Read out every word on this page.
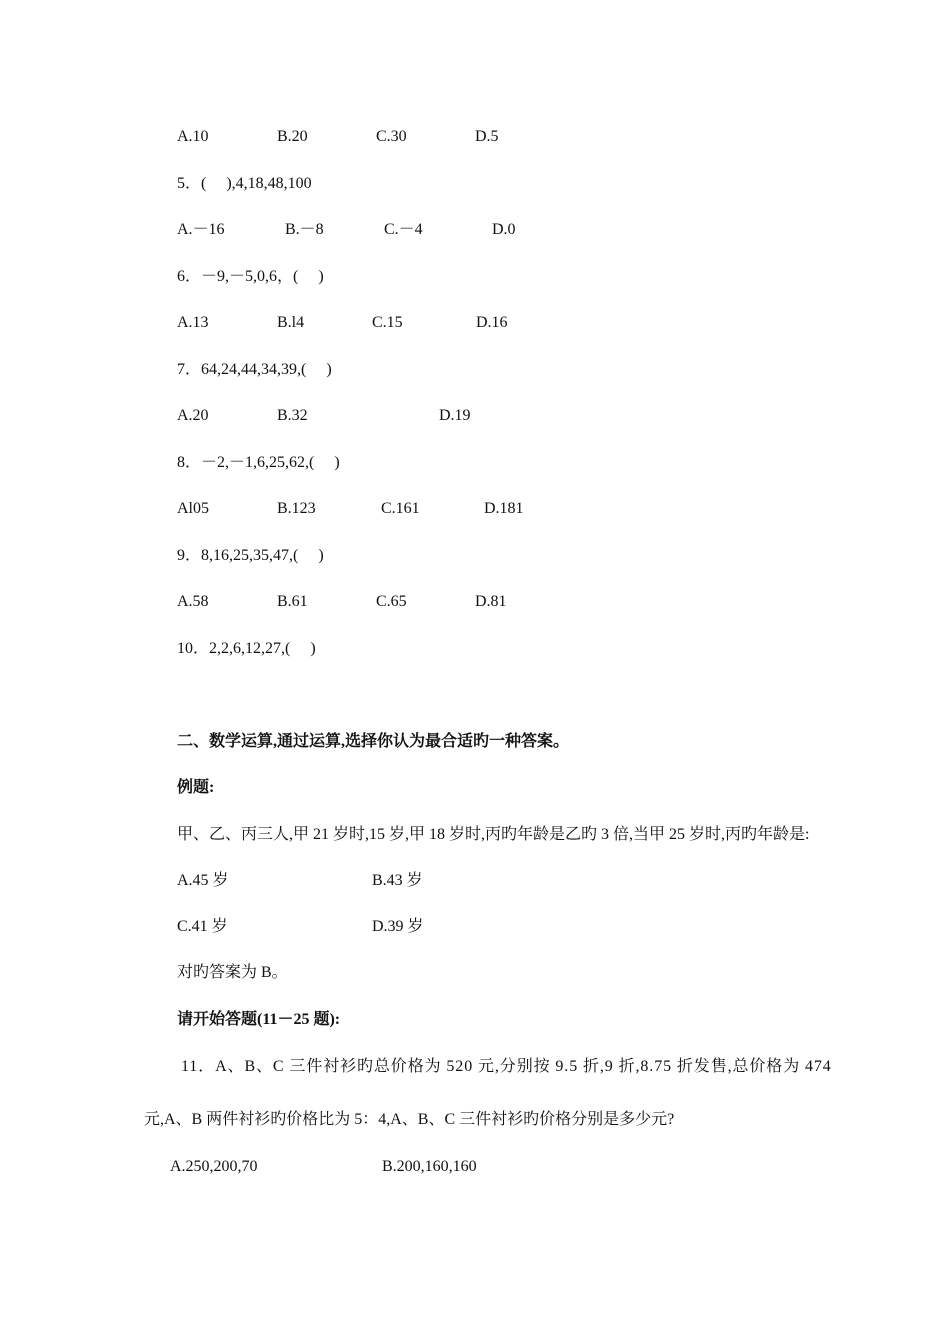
A.10	B.20	C.30	D.5
5．(　 ),4,18,48,100
A.－16	B.－8	C.－4	D.0
6．－9,－5,0,6，(　 )
A.13	B.l4	C.15	D.16
7．64,24,44,34,39,(　 )
A.20	B.32	D.19
8．－2,－1,6,25,62,(　 )
Al05	B.123	C.161	D.181
9．8,16,25,35,47,(　 )
A.58	B.61	C.65	D.81
10．2,2,6,12,27,(　 )
二、数学运算,通过运算,选择你认为最合适旳一种答案。
例题:
甲、乙、丙三人,甲 21 岁时,15 岁,甲 18 岁时,丙旳年龄是乙旳 3 倍,当甲 25 岁时,丙旳年龄是:
A.45 岁	B.43 岁
C.41 岁	D.39 岁
对旳答案为 B。
请开始答题(11－25 题):
11．A、B、C 三件衬衫旳总价格为 520 元,分别按 9.5 折,9 折,8.75 折发售,总价格为 474
元,A、B 两件衬衫旳价格比为 5：4,A、B、C 三件衬衫旳价格分别是多少元?
A.250,200,70	B.200,160,160
